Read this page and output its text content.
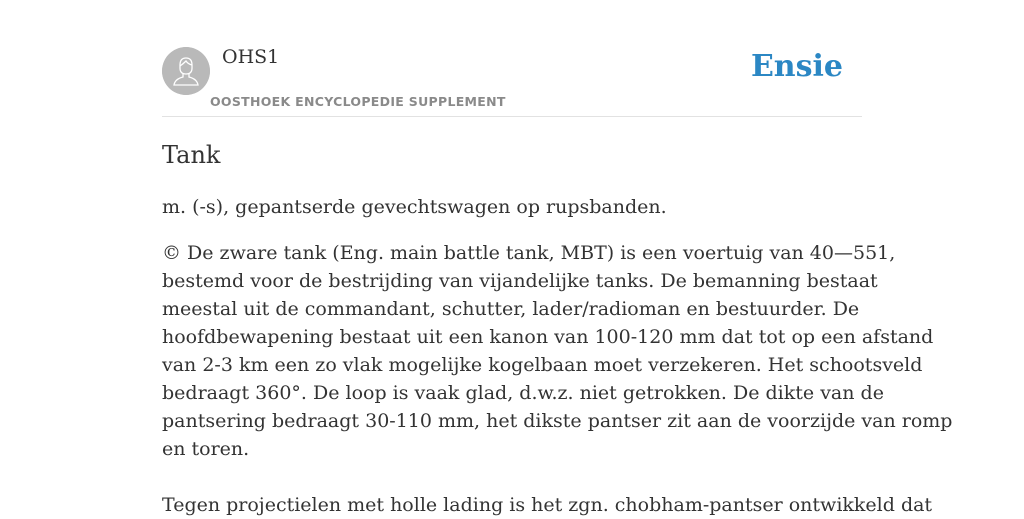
OHS1
OOSTHOEK ENCYCLOPEDIE SUPPLEMENT
Ensie
Tank

m. (-s), gepantserde gevechtswagen op rupsbanden.

© De zware tank (Eng. main battle tank, MBT) is een voertuig van 40—551,
bestemd voor de bestrijding van vijandelijke tanks. De bemanning bestaat
meestal uit de commandant, schutter, lader/radioman en bestuurder. De
hoofdbewapening bestaat uit een kanon van 100-120 mm dat tot op een afstand
van 2-3 km een zo vlak mogelijke kogelbaan moet verzekeren. Het schootsveld
bedraagt 360°. De loop is vaak glad, d.w.z. niet getrokken. De dikte van de
pantsering bedraagt 30-110 mm, het dikste pantser zit aan de voorzijde van romp
en toren.
Tegen projectielen met holle lading is het zgn. chobham-pantser ontwikkeld dat
